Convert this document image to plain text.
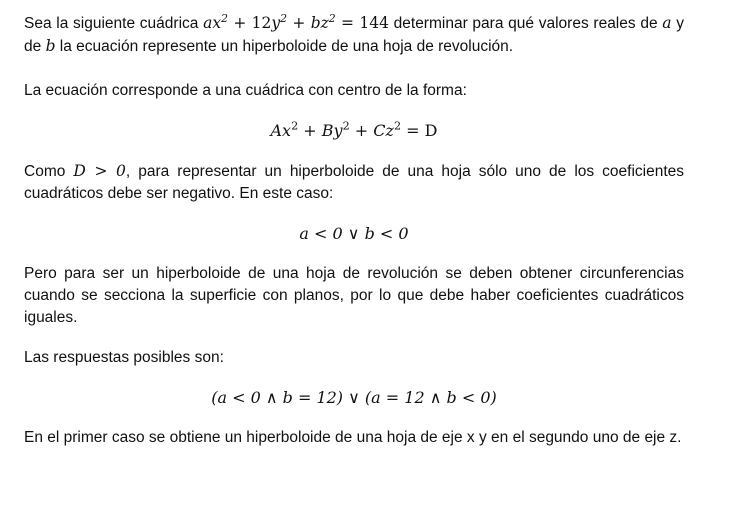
Sea la siguiente cuádrica $ax^2 + 12y^2 + bz^2 = 144$ determinar para qué valores reales de a y de b la ecuación represente un hiperboloide de una hoja de revolución.

La ecuación corresponde a una cuádrica con centro de la forma:

$Ax^2 + By^2 + Cz^2 = D$

Como D > 0, para representar un hiperboloide de una hoja sólo uno de los coeficientes cuadráticos debe ser negativo. En este caso:

a < 0 ∨ b < 0

Pero para ser un hiperboloide de una hoja de revolución se deben obtener circunferencias cuando se secciona la superficie con planos, por lo que debe haber coeficientes cuadráticos iguales.

Las respuestas posibles son:

(a < 0 ∧ b = 12) ∨ (a = 12 ∧ b < 0)

En el primer caso se obtiene un hiperboloide de una hoja de eje x y en el segundo uno de eje z.
